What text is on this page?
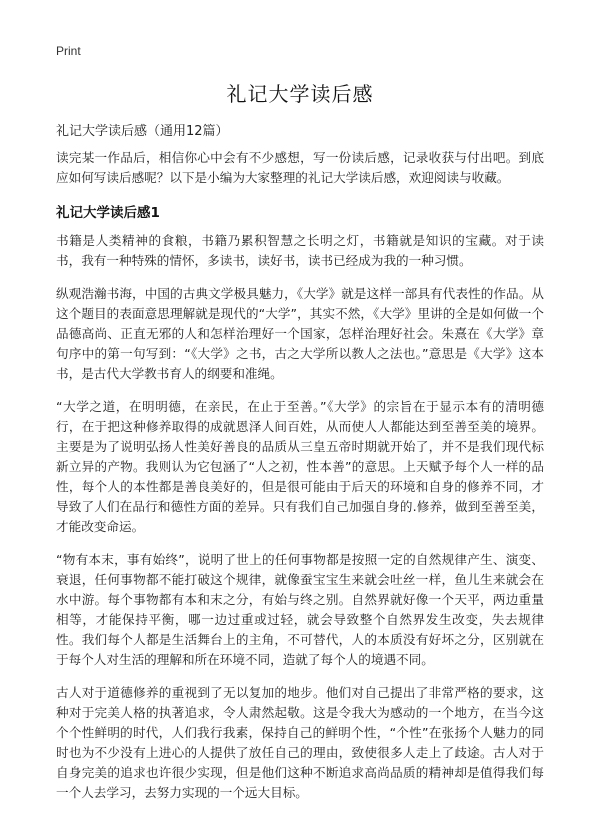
Print
礼记大学读后感
礼记大学读后感（通用12篇）

读完某一作品后，相信你心中会有不少感想，写一份读后感，记录收获与付出吧。到底应如何写读后感呢？以下是小编为大家整理的礼记大学读后感，欢迎阅读与收藏。

礼记大学读后感1

书籍是人类精神的食粮，书籍乃累积智慧之长明之灯，书籍就是知识的宝藏。对于读书，我有一种特殊的情怀，多读书，读好书，读书已经成为我的一种习惯。

纵观浩瀚书海，中国的古典文学极具魅力，《大学》就是这样一部具有代表性的作品。从这个题目的表面意思理解就是现代的“大学”，其实不然，《大学》里讲的全是如何做一个品德高尚、正直无邪的人和怎样治理好一个国家，怎样治理好社会。朱熹在《大学》章句序中的第一句写到：“《大学》之书，古之大学所以教人之法也。”意思是《大学》这本书，是古代大学教书育人的纲要和准绳。

“大学之道，在明明德，在亲民，在止于至善。”《大学》的宗旨在于显示本有的清明德行，在于把这种修养取得的成就恩泽人间百姓，从而使人人都能达到至善至美的境界。主要是为了说明弘扬人性美好善良的品质从三皇五帝时期就开始了，并不是我们现代标新立异的产物。我则认为它包涵了“人之初，性本善”的意思。上天赋予每个人一样的品性，每个人的本性都是善良美好的，但是很可能由于后天的环境和自身的修养不同，才导致了人们在品行和德性方面的差异。只有我们自己加强自身的.修养，做到至善至美，才能改变命运。

“物有本末，事有始终”，说明了世上的任何事物都是按照一定的自然规律产生、演变、衰退，任何事物都不能打破这个规律，就像蚕宝宝生来就会吐丝一样，鱼儿生来就会在水中游。每个事物都有本和末之分，有始与终之别。自然界就好像一个天平，两边重量相等，才能保持平衡，哪一边过重或过轻，就会导致整个自然界发生改变，失去规律性。我们每个人都是生活舞台上的主角，不可替代，人的本质没有好坏之分，区别就在于每个人对生活的理解和所在环境不同，造就了每个人的境遇不同。

古人对于道德修养的重视到了无以复加的地步。他们对自己提出了非常严格的要求，这种对于完美人格的执著追求，令人肃然起敬。这是令我大为感动的一个地方，在当今这个个性鲜明的时代，人们我行我素，保持自己的鲜明个性，“个性”在张扬个人魅力的同时也为不少没有上进心的人提供了放任自己的理由，致使很多人走上了歧途。古人对于自身完美的追求也许很少实现，但是他们这种不断追求高尚品质的精神却是值得我们每一个人去学习，去努力实现的一个远大目标。
